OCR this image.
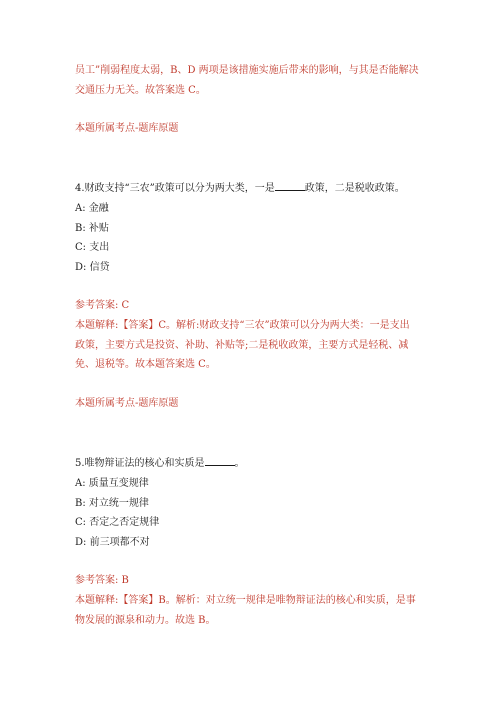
员工”削弱程度太弱，B、D 两项是该措施实施后带来的影响，与其是否能解决
交通压力无关。故答案选 C。
本题所属考点-题库原题
4.财政支持“三农”政策可以分为两大类，一是	政策，二是税收政策。
A: 金融
B: 补贴
C: 支出
D: 信贷
参考答案: C
本题解释:【答案】C。解析:财政支持“三农”政策可以分为两大类：一是支出
政策，主要方式是投资、补助、补贴等;二是税收政策，主要方式是轻税、减
免、退税等。故本题答案选 C。
本题所属考点-题库原题
5.唯物辩证法的核心和实质是	。
A: 质量互变规律
B: 对立统一规律
C: 否定之否定规律
D: 前三项都不对
参考答案: B
本题解释:【答案】B。解析：对立统一规律是唯物辩证法的核心和实质，是事
物发展的源泉和动力。故选 B。
